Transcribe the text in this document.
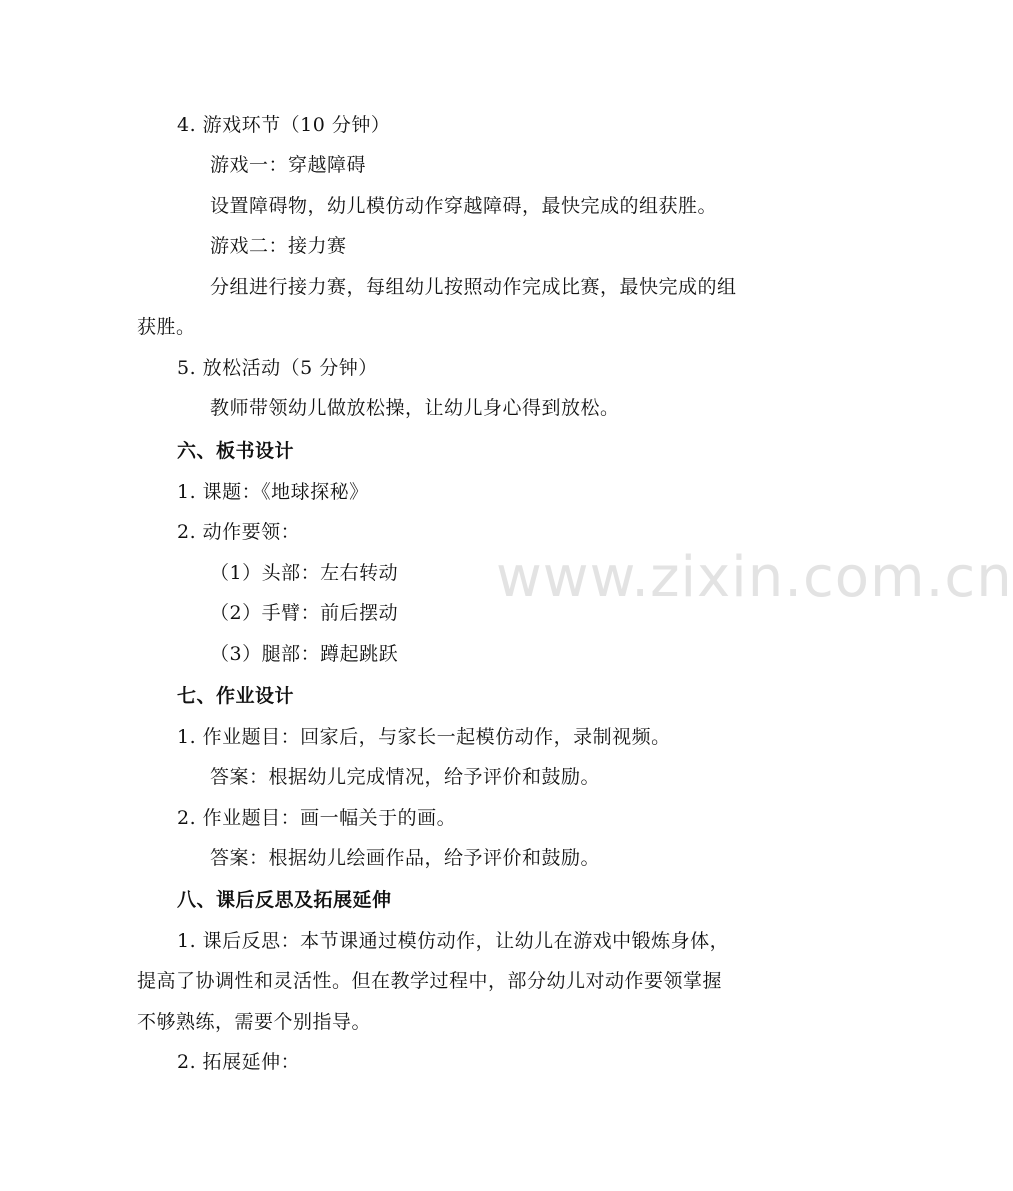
www.zixin.com.cn
4. 游戏环节（10 分钟）
游戏一：穿越障碍
设置障碍物，幼儿模仿动作穿越障碍，最快完成的组获胜。
游戏二：接力赛
分组进行接力赛，每组幼儿按照动作完成比赛，最快完成的组
获胜。
5. 放松活动（5 分钟）
教师带领幼儿做放松操，让幼儿身心得到放松。
六、板书设计
1. 课题：《地球探秘》
2. 动作要领：
（1）头部：左右转动
（2）手臂：前后摆动
（3）腿部：蹲起跳跃
七、作业设计
1. 作业题目：回家后，与家长一起模仿动作，录制视频。
答案：根据幼儿完成情况，给予评价和鼓励。
2. 作业题目：画一幅关于的画。
答案：根据幼儿绘画作品，给予评价和鼓励。
八、课后反思及拓展延伸
1. 课后反思：本节课通过模仿动作，让幼儿在游戏中锻炼身体，
提高了协调性和灵活性。但在教学过程中，部分幼儿对动作要领掌握
不够熟练，需要个别指导。
2. 拓展延伸：
